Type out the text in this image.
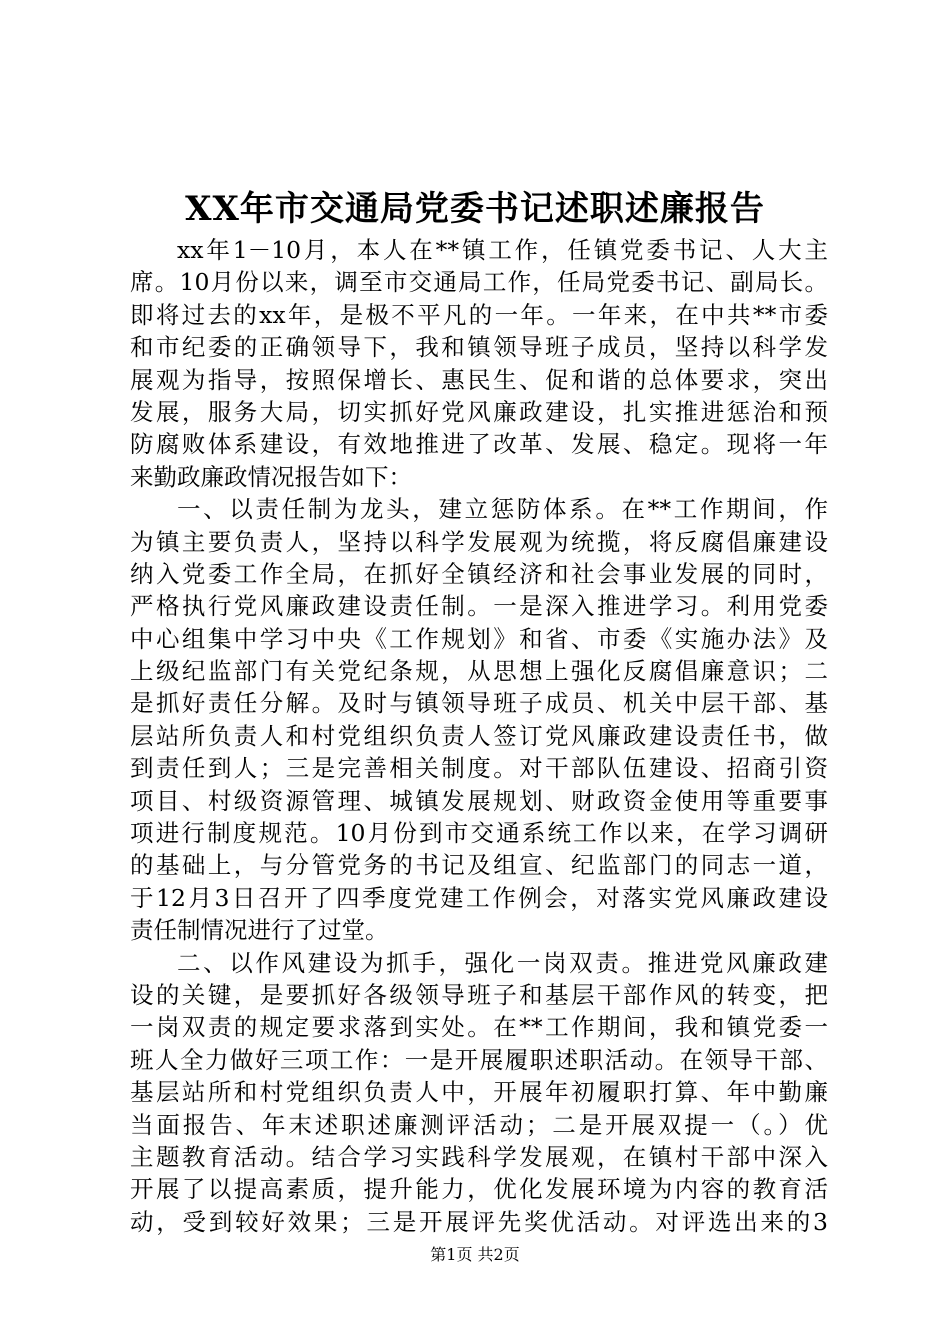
XX年市交通局党委书记述职述廉报告
xx年1－10月，本人在**镇工作，任镇党委书记、人大主
席。10月份以来，调至市交通局工作，任局党委书记、副局长。
即将过去的xx年，是极不平凡的一年。一年来，在中共**市委
和市纪委的正确领导下，我和镇领导班子成员，坚持以科学发
展观为指导，按照保增长、惠民生、促和谐的总体要求，突出
发展，服务大局，切实抓好党风廉政建设，扎实推进惩治和预
防腐败体系建设，有效地推进了改革、发展、稳定。现将一年
来勤政廉政情况报告如下：
一、以责任制为龙头，建立惩防体系。在**工作期间，作
为镇主要负责人，坚持以科学发展观为统揽，将反腐倡廉建设
纳入党委工作全局，在抓好全镇经济和社会事业发展的同时，
严格执行党风廉政建设责任制。一是深入推进学习。利用党委
中心组集中学习中央《工作规划》和省、市委《实施办法》及
上级纪监部门有关党纪条规，从思想上强化反腐倡廉意识；二
是抓好责任分解。及时与镇领导班子成员、机关中层干部、基
层站所负责人和村党组织负责人签订党风廉政建设责任书，做
到责任到人；三是完善相关制度。对干部队伍建设、招商引资
项目、村级资源管理、城镇发展规划、财政资金使用等重要事
项进行制度规范。10月份到市交通系统工作以来，在学习调研
的基础上，与分管党务的书记及组宣、纪监部门的同志一道，
于12月3日召开了四季度党建工作例会，对落实党风廉政建设
责任制情况进行了过堂。
二、以作风建设为抓手，强化一岗双责。推进党风廉政建
设的关键，是要抓好各级领导班子和基层干部作风的转变，把
一岗双责的规定要求落到实处。在**工作期间，我和镇党委一
班人全力做好三项工作：一是开展履职述职活动。在领导干部、
基层站所和村党组织负责人中，开展年初履职打算、年中勤廉
当面报告、年末述职述廉测评活动；二是开展双提一（。）优
主题教育活动。结合学习实践科学发展观，在镇村干部中深入
开展了以提高素质，提升能力，优化发展环境为内容的教育活
动，受到较好效果；三是开展评先奖优活动。对评选出来的3
第1页 共2页
